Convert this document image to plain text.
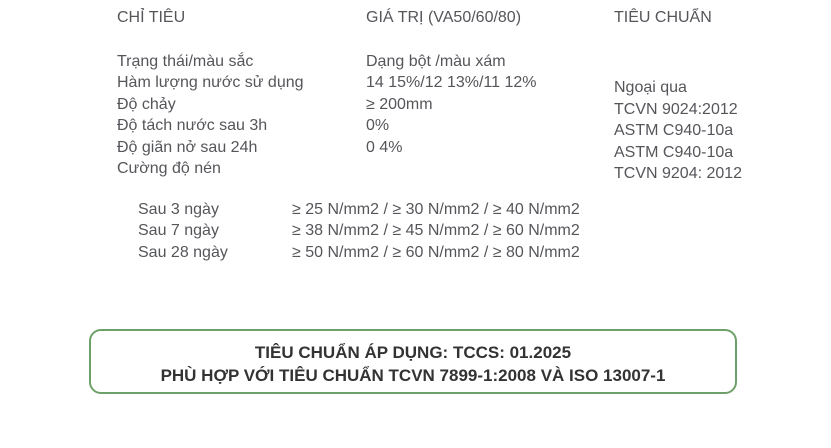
CHỈ TIÊU	GIÁ TRỊ (VA50/60/80)	TIÊU CHUẨN
Trạng thái/màu sắc
Hàm lượng nước sử dụng
Độ chảy
Độ tách nước sau 3h
Độ giãn nở sau 24h
Cường độ nén
Dạng bột /màu xám
14 15%/12 13%/11 12%
≥ 200mm
0%
0 4%
Ngoại qua
TCVN 9024:2012
ASTM C940-10a
ASTM C940-10a
TCVN 9204: 2012
Sau 3 ngày
Sau 7 ngày
Sau 28 ngày
≥ 25 N/mm2 / ≥ 30 N/mm2 / ≥ 40 N/mm2
≥ 38 N/mm2 / ≥ 45 N/mm2 / ≥ 60 N/mm2
≥ 50 N/mm2 / ≥ 60 N/mm2 / ≥ 80 N/mm2
TIÊU CHUẨN ÁP DỤNG: TCCS: 01.2025
PHÙ HỢP VỚI TIÊU CHUẨN TCVN 7899-1:2008 VÀ ISO 13007-1
